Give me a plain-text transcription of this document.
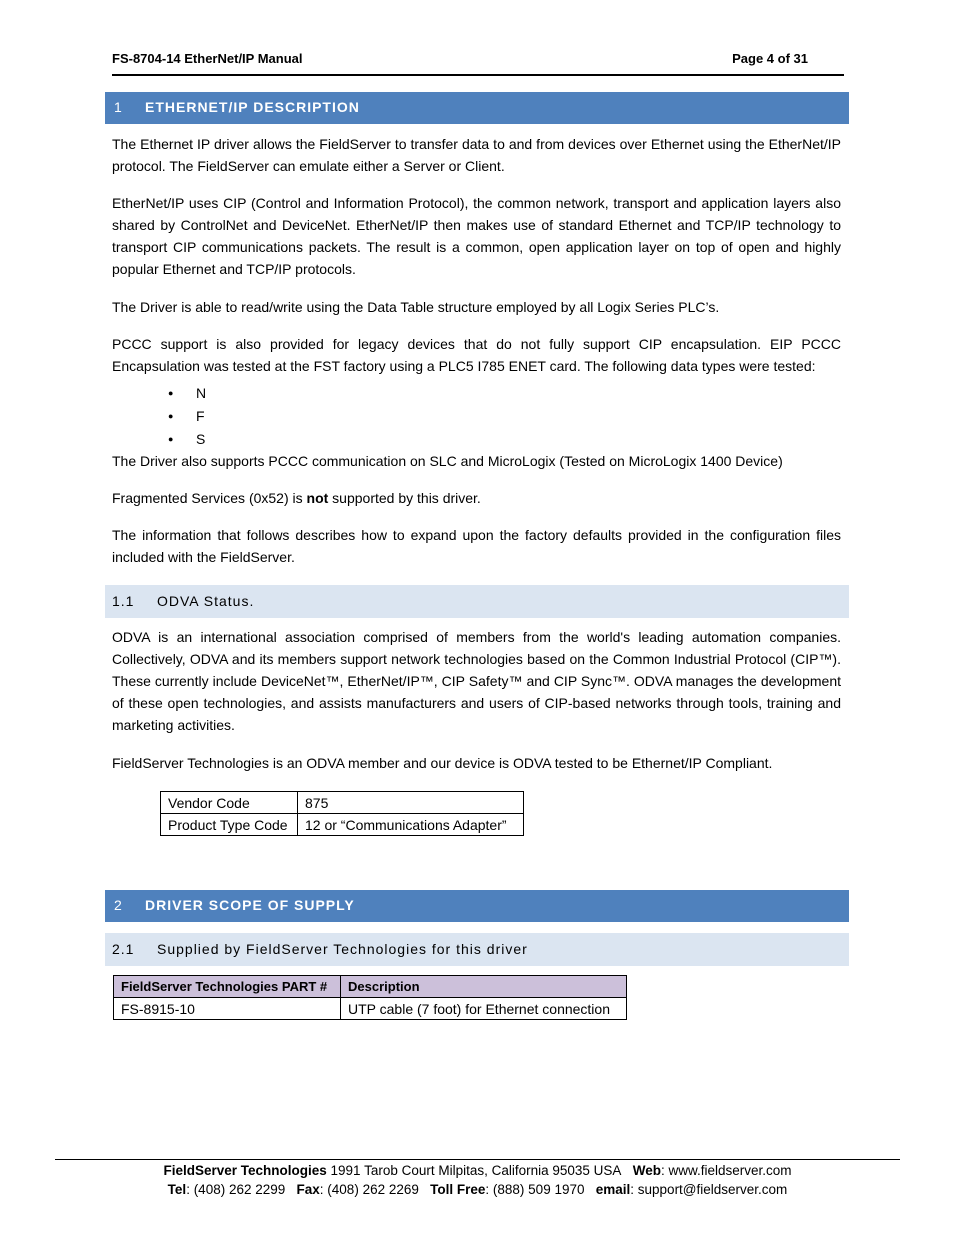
FS-8704-14 EtherNet/IP Manual	Page 4 of 31
1 ETHERNET/IP DESCRIPTION
The Ethernet IP driver allows the FieldServer to transfer data to and from devices over Ethernet using the EtherNet/IP protocol. The FieldServer can emulate either a Server or Client.
EtherNet/IP uses CIP (Control and Information Protocol), the common network, transport and application layers also shared by ControlNet and DeviceNet. EtherNet/IP then makes use of standard Ethernet and TCP/IP technology to transport CIP communications packets. The result is a common, open application layer on top of open and highly popular Ethernet and TCP/IP protocols.
The Driver is able to read/write using the Data Table structure employed by all Logix Series PLC’s.
PCCC support is also provided for legacy devices that do not fully support CIP encapsulation. EIP PCCC Encapsulation was tested at the FST factory using a PLC5 I785 ENET card. The following data types were tested:
● N
● F
● S
The Driver also supports PCCC communication on SLC and MicroLogix (Tested on MicroLogix 1400 Device)
Fragmented Services (0x52) is not supported by this driver.
The information that follows describes how to expand upon the factory defaults provided in the configuration files included with the FieldServer.
1.1 ODVA Status.
ODVA is an international association comprised of members from the world's leading automation companies. Collectively, ODVA and its members support network technologies based on the Common Industrial Protocol (CIP™). These currently include DeviceNet™, EtherNet/IP™, CIP Safety™ and CIP Sync™. ODVA manages the development of these open technologies, and assists manufacturers and users of CIP-based networks through tools, training and marketing activities.
FieldServer Technologies is an ODVA member and our device is ODVA tested to be Ethernet/IP Compliant.
Vendor Code	875
Product Type Code	12 or “Communications Adapter”
2 DRIVER SCOPE OF SUPPLY
2.1 Supplied by FieldServer Technologies for this driver
FieldServer Technologies PART #	Description
FS-8915-10	UTP cable (7 foot) for Ethernet connection
FieldServer Technologies 1991 Tarob Court Milpitas, California 95035 USA Web: www.fieldserver.com
Tel: (408) 262 2299 Fax: (408) 262 2269 Toll Free: (888) 509 1970 email: support@fieldserver.com
